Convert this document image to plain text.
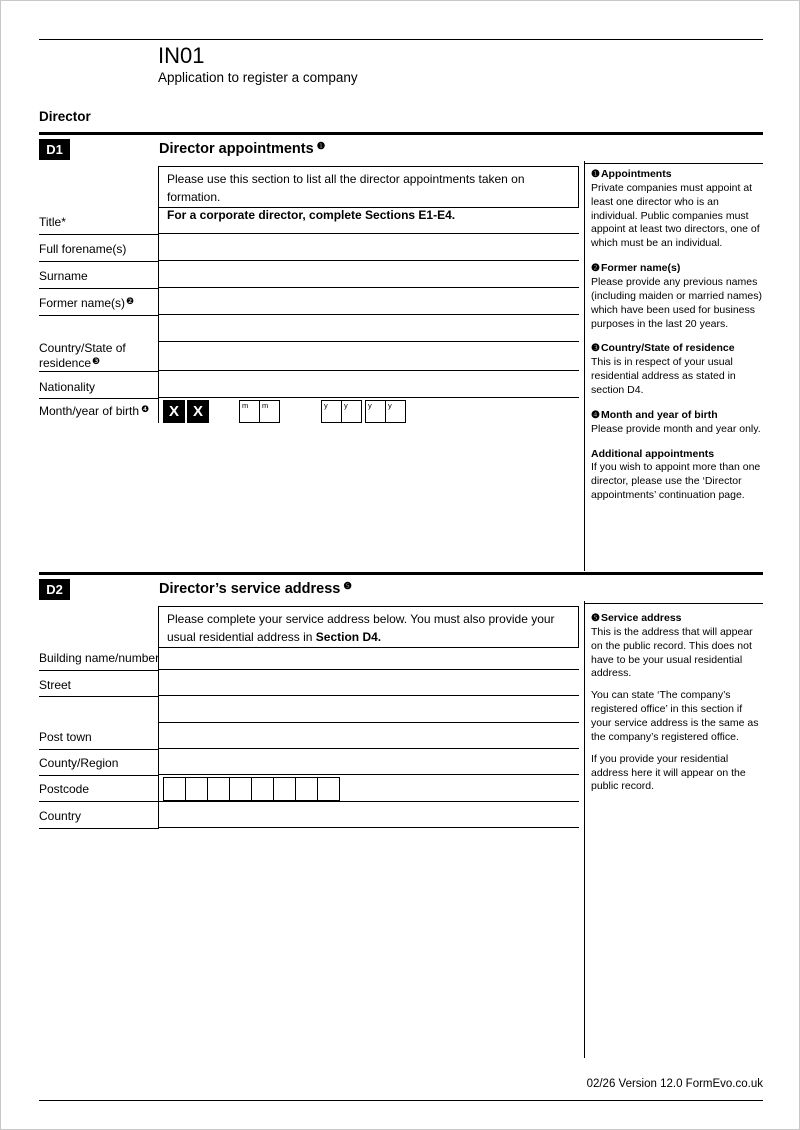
IN01
Application to register a company
Director
D1	Director appointments $^❶$
Please use this section to list all the director appointments taken on formation.
For a corporate director, complete Sections E1-E4.
Title*
Full forename(s)
Surname
Former $name(s)^❷$
Country/State of residence$^❸$
Nationality
Month/year of birth $^❹$	X X	m m	y y	y y
❶Appointments
Private companies must appoint at least one director who is an individual. Public companies must appoint at least two directors, one of which must be an individual.
❷Former name(s)
Please provide any previous names (including maiden or married names) which have been used for business purposes in the last 20 years.
❸Country/State of residence
This is in respect of your usual residential address as stated in section D4.
❹Month and year of birth
Please provide month and year only.
Additional appointments
If you wish to appoint more than one director, please use the ‘Director appointments’ continuation page.
D2	Director’s service address $^❺$
Please complete your service address below. You must also provide your usual residential address in Section D4.
Building name/number
Street
Post town
County/Region
Postcode
Country
❺Service address

This is the address that will appear on the public record. This does not have to be your usual residential address.

You can state ‘The company’s registered office’ in this section if your service address is the same as the company’s registered office.

If you provide your residential address here it will appear on the public record.

02/26 Version 12.0 FormEvo.co.uk
